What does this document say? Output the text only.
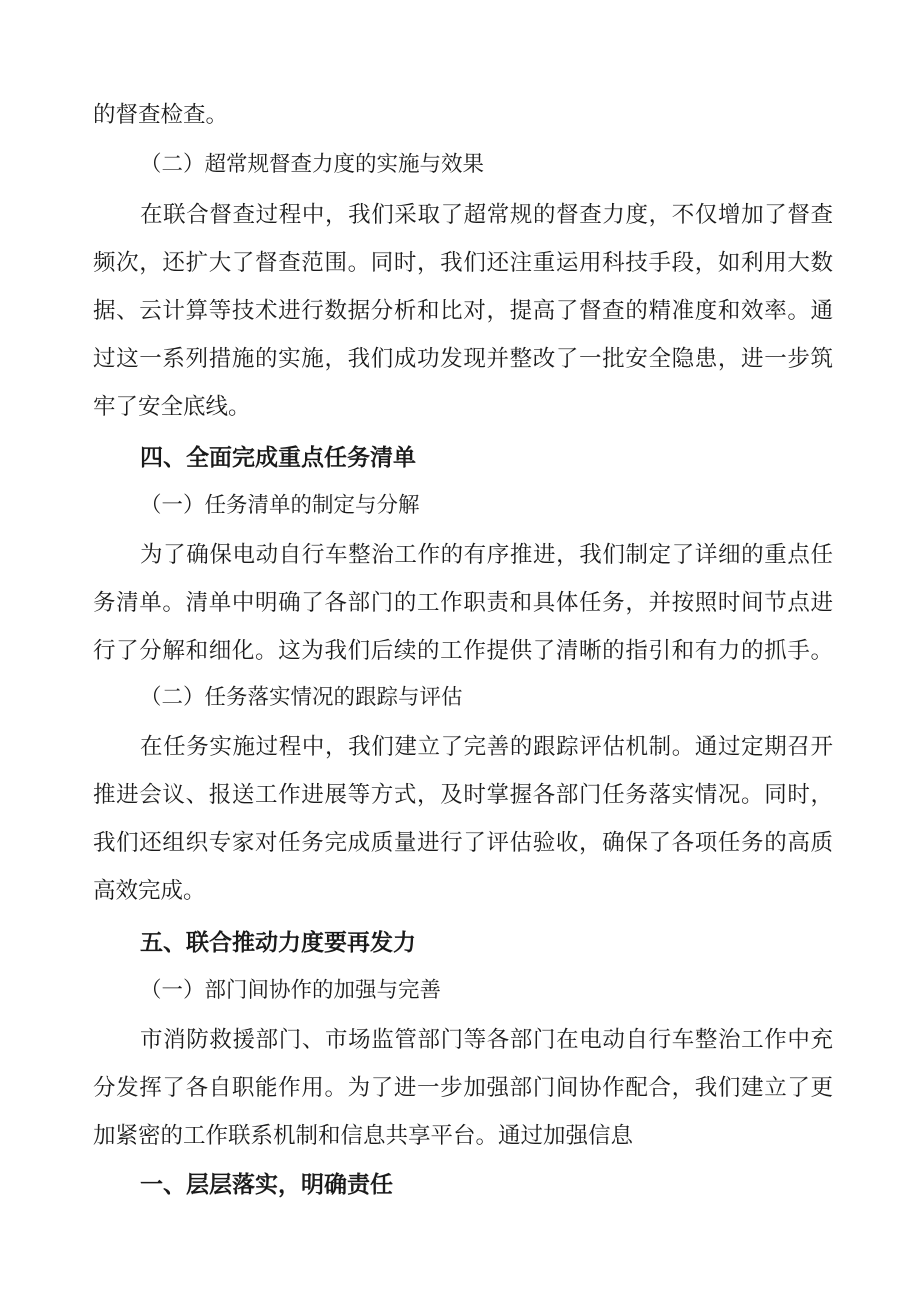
的督查检查。
（二）超常规督查力度的实施与效果
在联合督查过程中，我们采取了超常规的督查力度，不仅增加了督查
频次，还扩大了督查范围。同时，我们还注重运用科技手段，如利用大数
据、云计算等技术进行数据分析和比对，提高了督查的精准度和效率。通
过这一系列措施的实施，我们成功发现并整改了一批安全隐患，进一步筑
牢了安全底线。
四、全面完成重点任务清单
（一）任务清单的制定与分解
为了确保电动自行车整治工作的有序推进，我们制定了详细的重点任
务清单。清单中明确了各部门的工作职责和具体任务，并按照时间节点进
行了分解和细化。这为我们后续的工作提供了清晰的指引和有力的抓手。
（二）任务落实情况的跟踪与评估
在任务实施过程中，我们建立了完善的跟踪评估机制。通过定期召开
推进会议、报送工作进展等方式，及时掌握各部门任务落实情况。同时，
我们还组织专家对任务完成质量进行了评估验收，确保了各项任务的高质
高效完成。
五、联合推动力度要再发力
（一）部门间协作的加强与完善
市消防救援部门、市场监管部门等各部门在电动自行车整治工作中充
分发挥了各自职能作用。为了进一步加强部门间协作配合，我们建立了更
加紧密的工作联系机制和信息共享平台。通过加强信息
一、层层落实，明确责任
